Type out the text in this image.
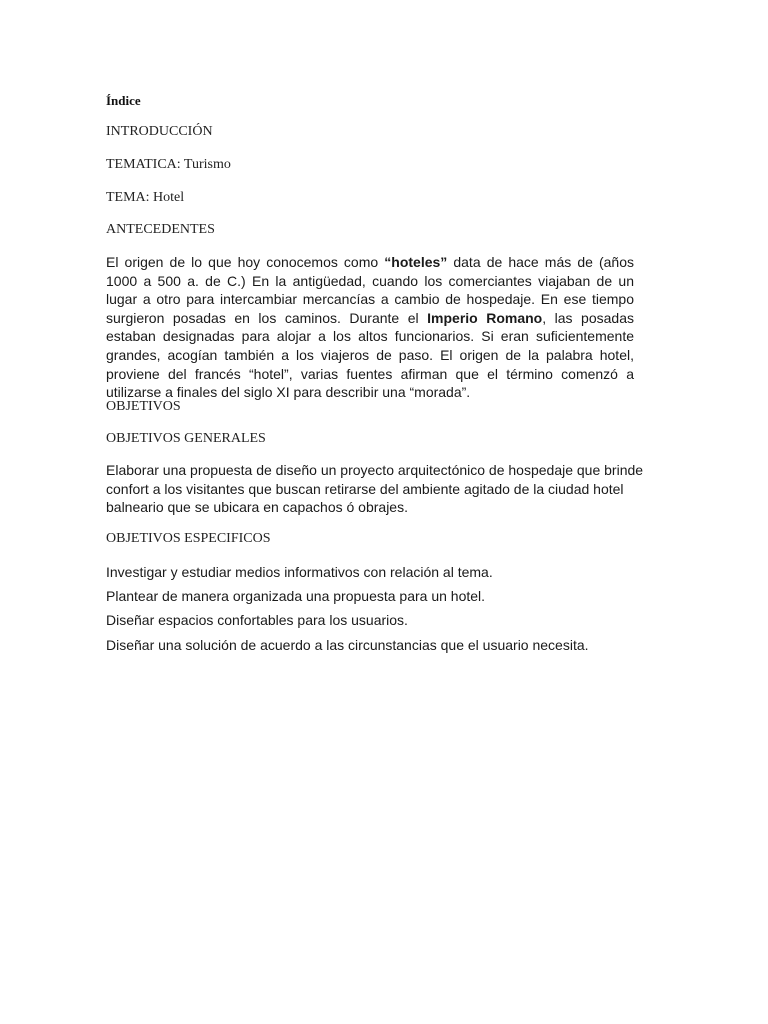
Índice
INTRODUCCIÓN
TEMATICA: Turismo
TEMA: Hotel
ANTECEDENTES

El origen de lo que hoy conocemos como “hoteles” data de hace más de (años 1000 a 500 a. de C.) En la antigüedad, cuando los comerciantes viajaban de un lugar a otro para intercambiar mercancías a cambio de hospedaje. En ese tiempo surgieron posadas en los caminos. Durante el Imperio Romano, las posadas estaban designadas para alojar a los altos funcionarios. Si eran suficientemente grandes, acogían también a los viajeros de paso. El origen de la palabra hotel, proviene del francés “hotel”, varias fuentes afirman que el término comenzó a utilizarse a finales del siglo XI para describir una “morada”.

OBJETIVOS
OBJETIVOS GENERALES
Elaborar una propuesta de diseño un proyecto arquitectónico de hospedaje que brinde
confort a los visitantes que buscan retirarse del ambiente agitado de la ciudad hotel
balneario que se ubicara en capachos ó obrajes.
OBJETIVOS ESPECIFICOS
Investigar y estudiar medios informativos con relación al tema.
Plantear de manera organizada una propuesta para un hotel.
Diseñar espacios confortables para los usuarios.
Diseñar una solución de acuerdo a las circunstancias que el usuario necesita.
